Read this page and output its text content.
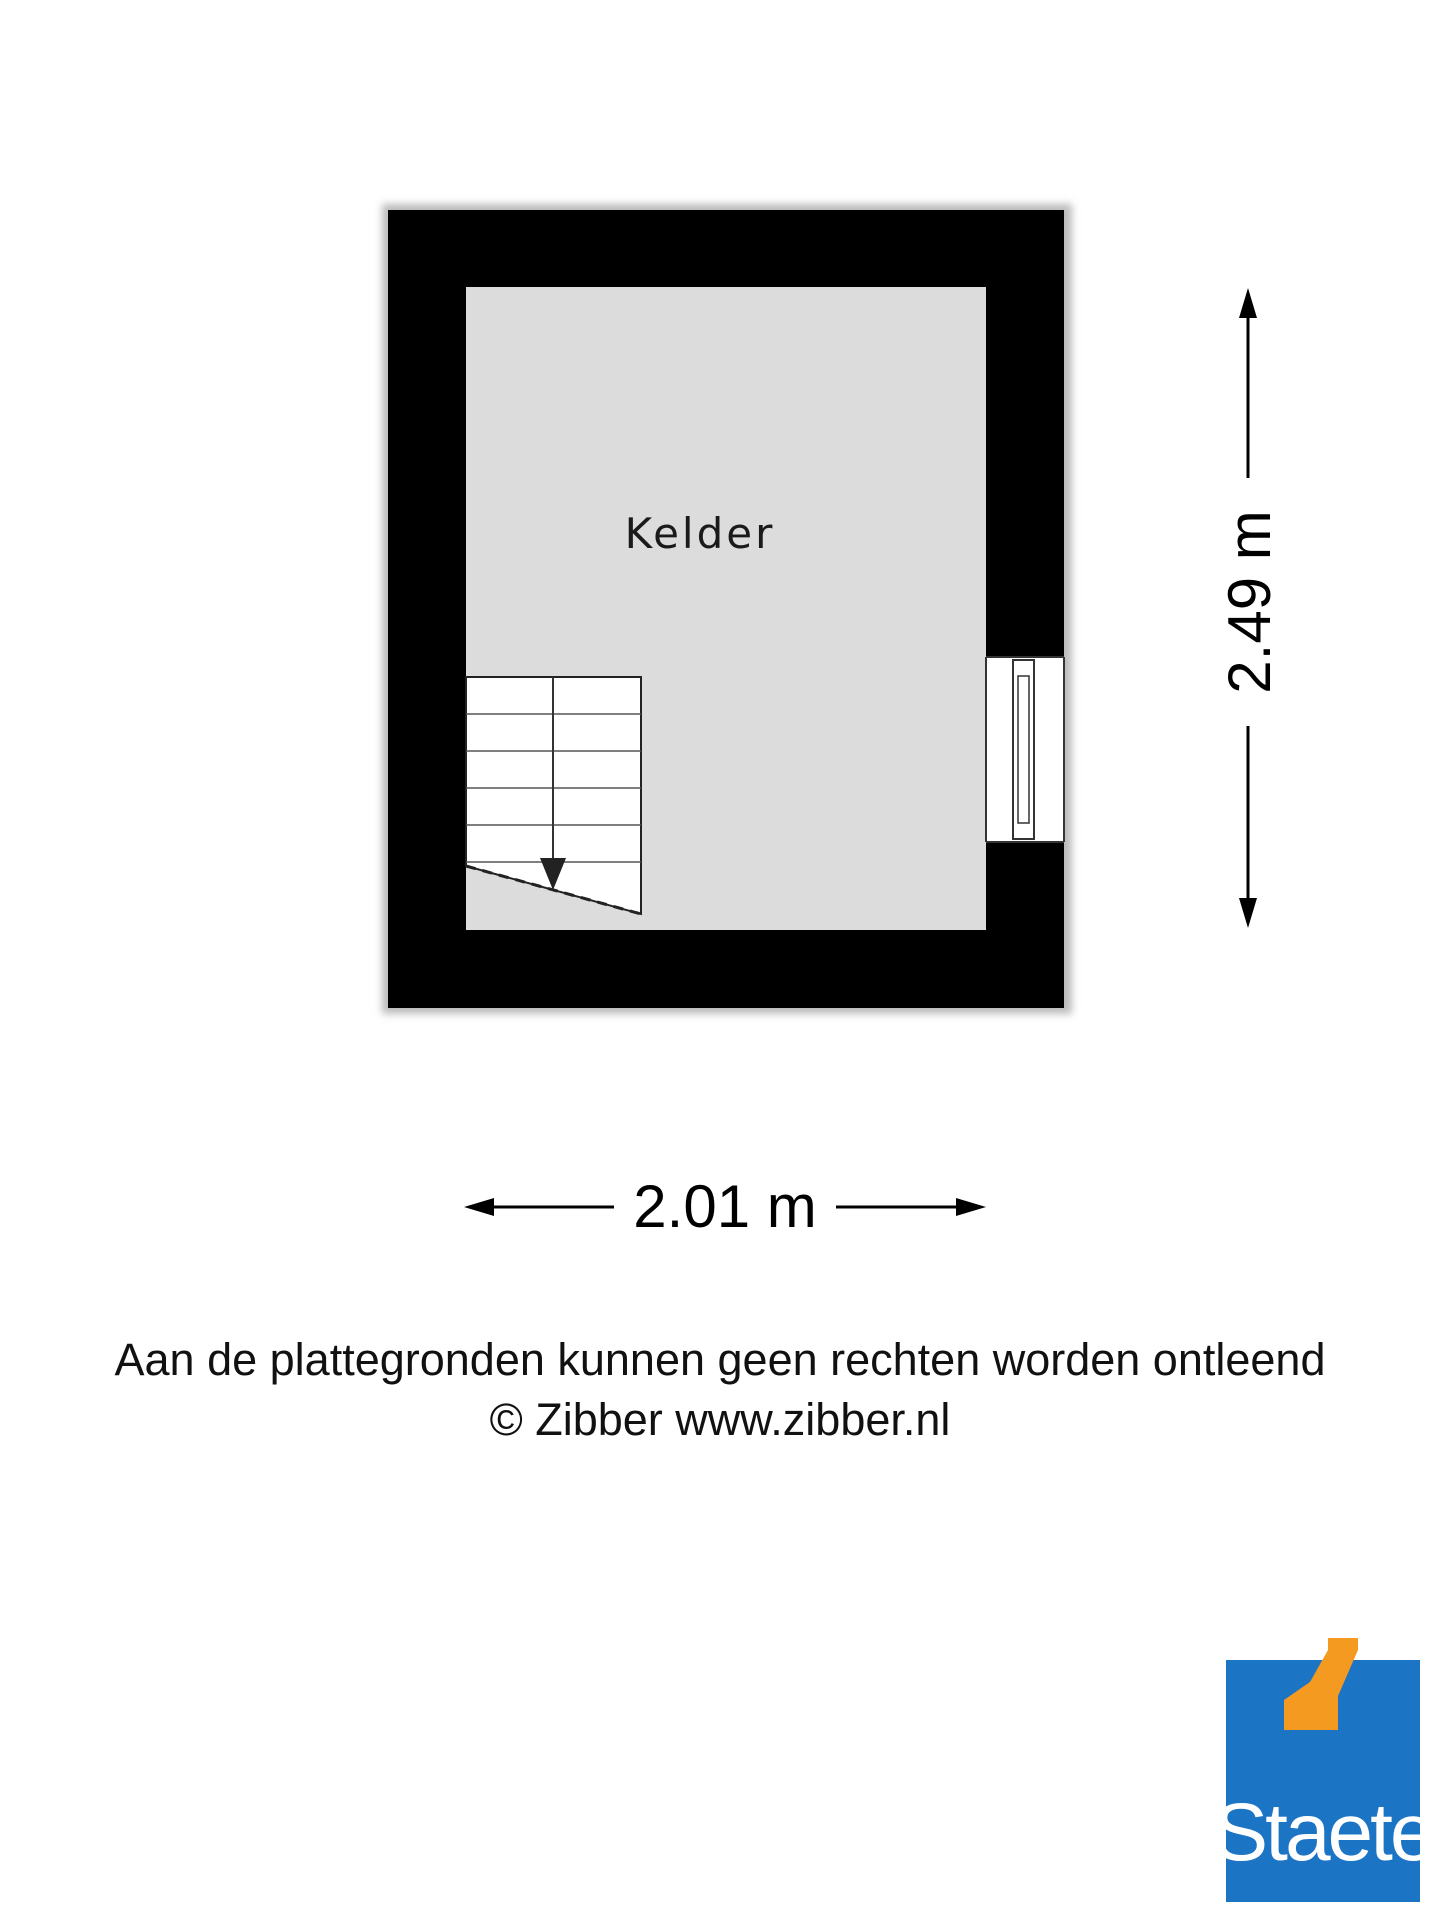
Kelder	2.49 m
2.01 m
Aan de plattegronden kunnen geen rechten worden ontleend
© Zibber www.zibber.nl
Staete
